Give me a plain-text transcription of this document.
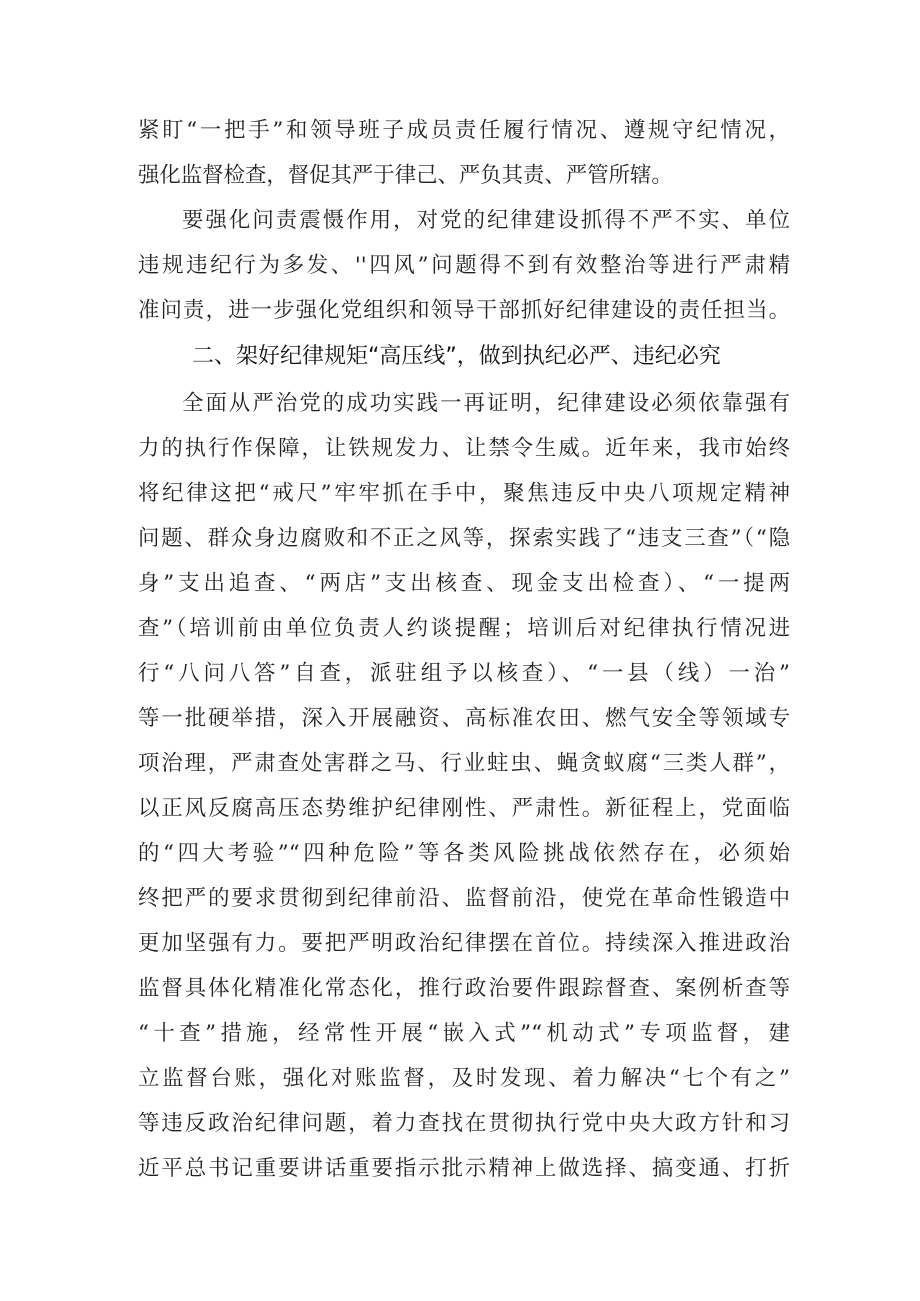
紧盯“一把手”和领导班子成员责任履行情况、遵规守纪情况，
强化监督检查，督促其严于律己、严负其责、严管所辖。
要强化问责震慑作用，对党的纪律建设抓得不严不实、单位
违规违纪行为多发、''四风”问题得不到有效整治等进行严肃精
准问责，进一步强化党组织和领导干部抓好纪律建设的责任担当。
二、架好纪律规矩“高压线”，做到执纪必严、违纪必究
全面从严治党的成功实践一再证明，纪律建设必须依靠强有
力的执行作保障，让铁规发力、让禁令生威。近年来，我市始终
将纪律这把“戒尺”牢牢抓在手中，聚焦违反中央八项规定精神
问题、群众身边腐败和不正之风等，探索实践了“违支三查”（“隐
身”支出追查、“两店”支出核查、现金支出检查）、“一提两
查”（培训前由单位负责人约谈提醒；培训后对纪律执行情况进
行“八问八答”自查，派驻组予以核查）、“一县（线）一治”
等一批硬举措，深入开展融资、高标准农田、燃气安全等领域专
项治理，严肃查处害群之马、行业蛀虫、蝇贪蚁腐“三类人群”，
以正风反腐高压态势维护纪律刚性、严肃性。新征程上，党面临
的“四大考验”“四种危险”等各类风险挑战依然存在，必须始
终把严的要求贯彻到纪律前沿、监督前沿，使党在革命性锻造中
更加坚强有力。要把严明政治纪律摆在首位。持续深入推进政治
监督具体化精准化常态化，推行政治要件跟踪督查、案例析查等
“十查”措施，经常性开展“嵌入式”“机动式”专项监督，建
立监督台账，强化对账监督，及时发现、着力解决“七个有之”
等违反政治纪律问题，着力查找在贯彻执行党中央大政方针和习
近平总书记重要讲话重要指示批示精神上做选择、搞变通、打折
